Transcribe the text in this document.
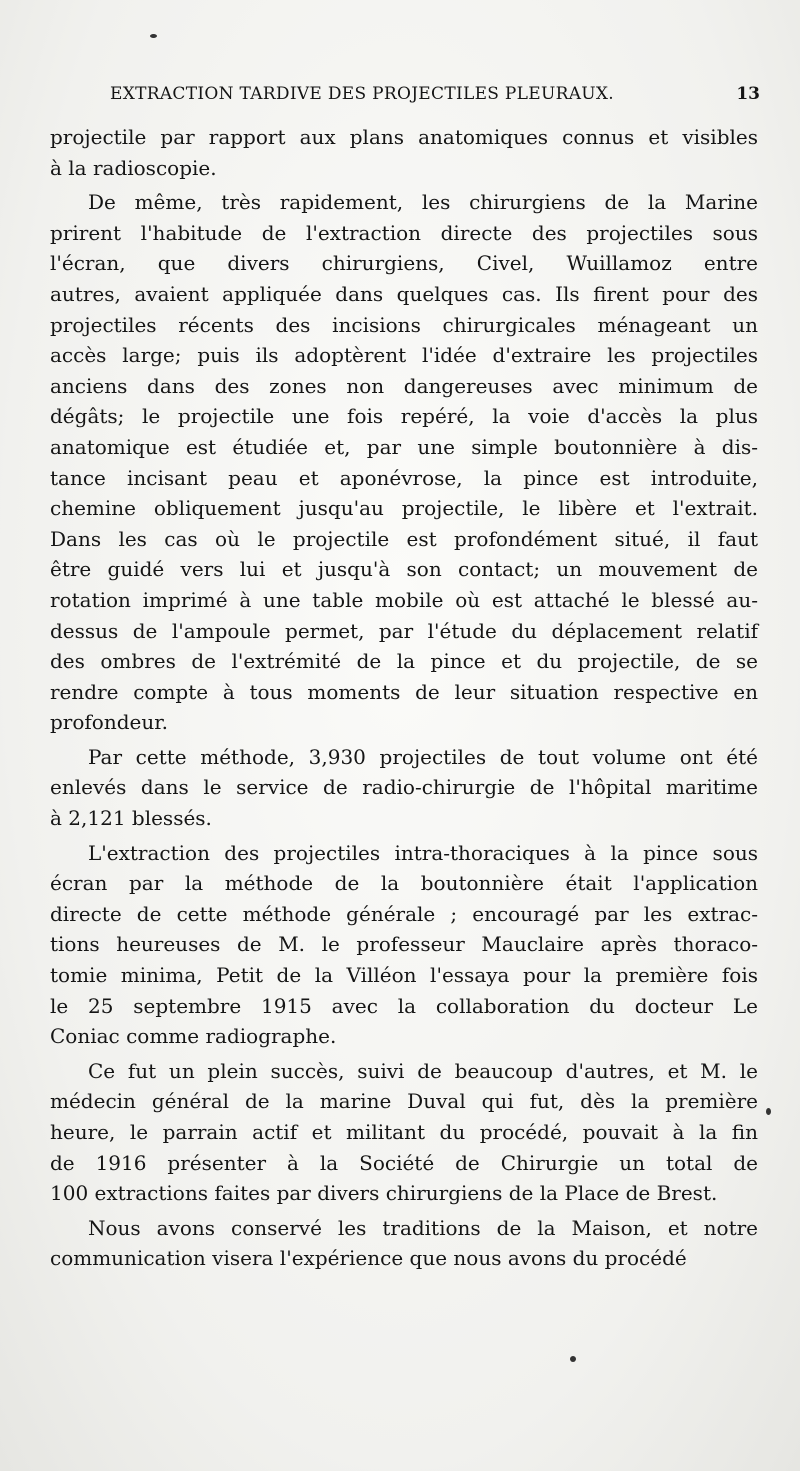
EXTRACTION TARDIVE DES PROJECTILES PLEURAUX.	13
projectile par rapport aux plans anatomiques connus et visibles
à la radioscopie.
De même, très rapidement, les chirurgiens de la Marine
prirent l'habitude de l'extraction directe des projectiles sous
l'écran, que divers chirurgiens, Civel, Wuillamoz entre
autres, avaient appliquée dans quelques cas. Ils firent pour des
projectiles récents des incisions chirurgicales ménageant un
accès large; puis ils adoptèrent l'idée d'extraire les projectiles
anciens dans des zones non dangereuses avec minimum de
dégâts; le projectile une fois repéré, la voie d'accès la plus
anatomique est étudiée et, par une simple boutonnière à dis-
tance incisant peau et aponévrose, la pince est introduite,
chemine obliquement jusqu'au projectile, le libère et l'extrait.
Dans les cas où le projectile est profondément situé, il faut
être guidé vers lui et jusqu'à son contact; un mouvement de
rotation imprimé à une table mobile où est attaché le blessé au-
dessus de l'ampoule permet, par l'étude du déplacement relatif
des ombres de l'extrémité de la pince et du projectile, de se
rendre compte à tous moments de leur situation respective en
profondeur.
Par cette méthode, 3,930 projectiles de tout volume ont été
enlevés dans le service de radio-chirurgie de l'hôpital maritime
à 2,121 blessés.
L'extraction des projectiles intra-thoraciques à la pince sous
écran par la méthode de la boutonnière était l'application
directe de cette méthode générale ; encouragé par les extrac-
tions heureuses de M. le professeur Mauclaire après thoraco-
tomie minima, Petit de la Villéon l'essaya pour la première fois
le 25 septembre 1915 avec la collaboration du docteur Le
Coniac comme radiographe.
Ce fut un plein succès, suivi de beaucoup d'autres, et M. le
médecin général de la marine Duval qui fut, dès la première
heure, le parrain actif et militant du procédé, pouvait à la fin
de 1916 présenter à la Société de Chirurgie un total de
100 extractions faites par divers chirurgiens de la Place de Brest.
Nous avons conservé les traditions de la Maison, et notre
communication visera l'expérience que nous avons du procédé
